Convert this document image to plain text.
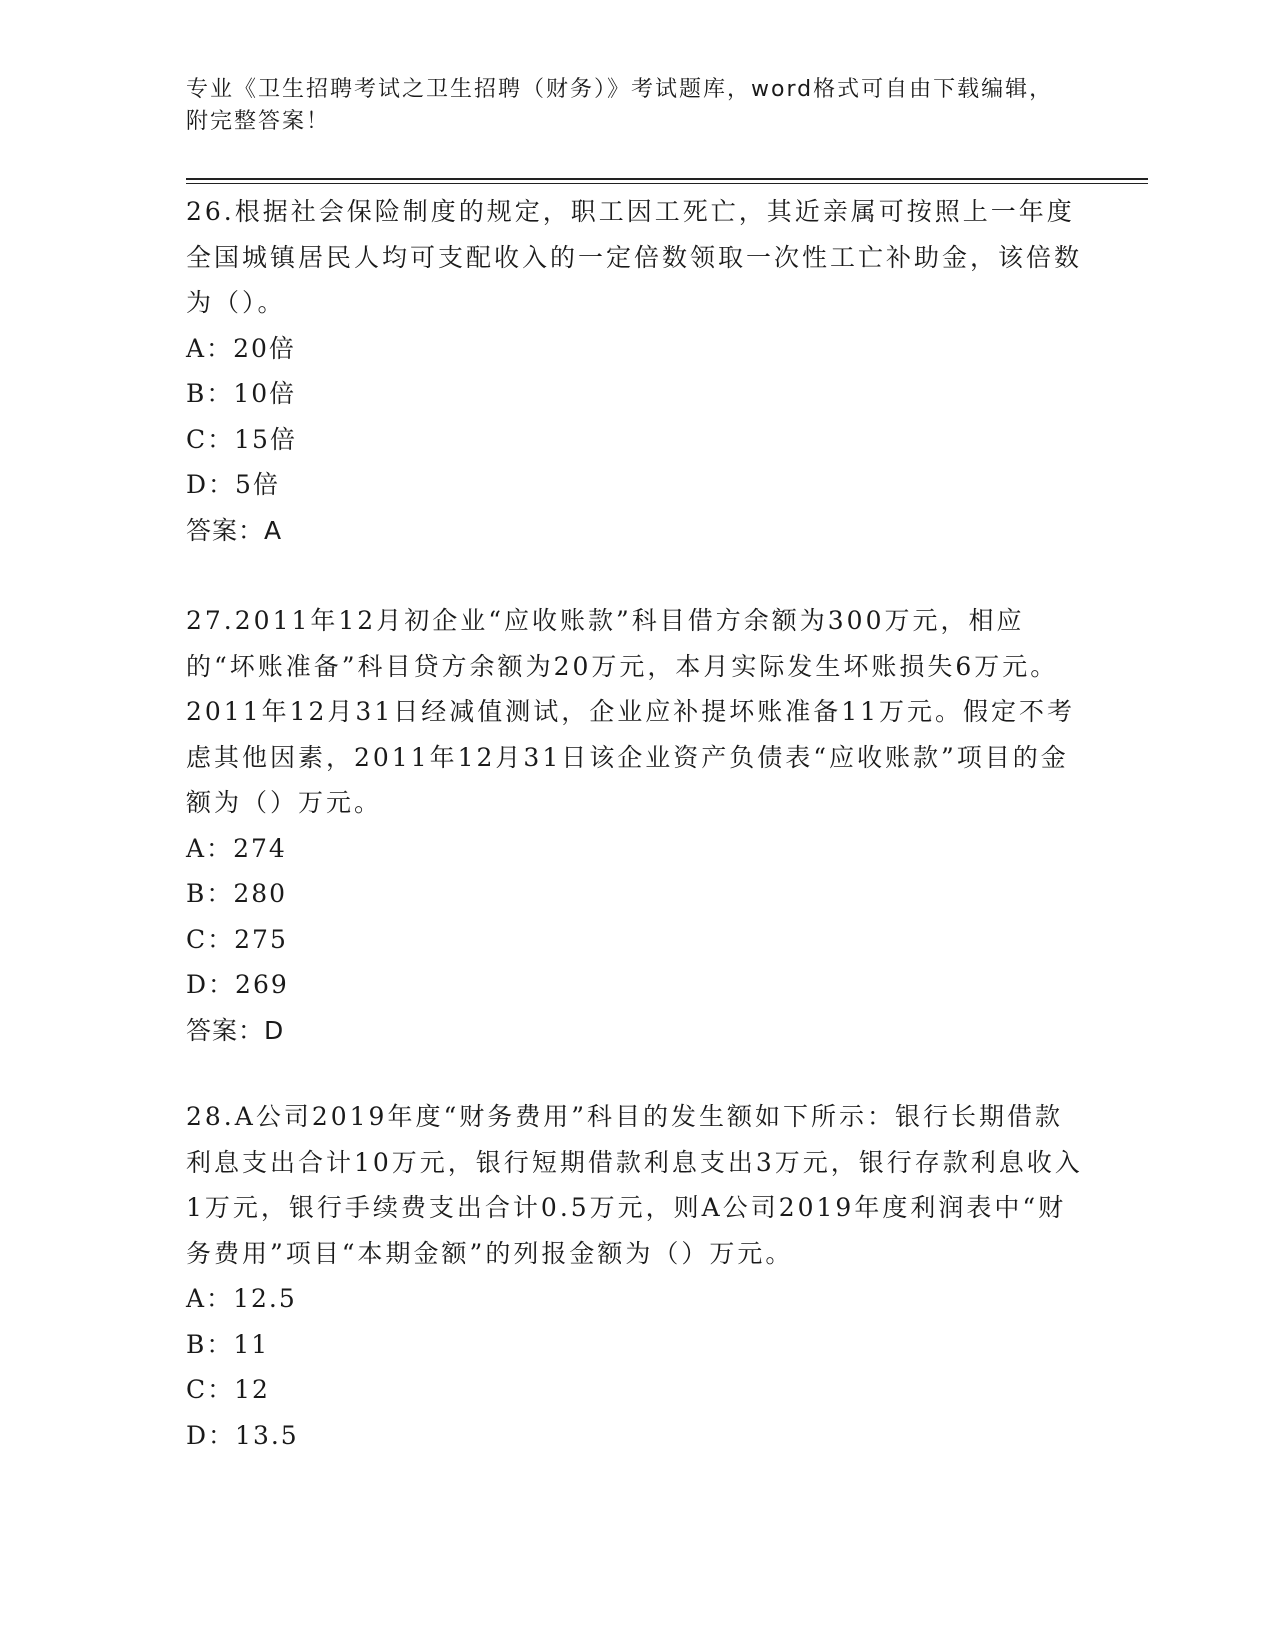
专业《卫生招聘考试之卫生招聘（财务）》考试题库，word格式可自由下载编辑，附完整答案！

26.根据社会保险制度的规定，职工因工死亡，其近亲属可按照上一年度全国城镇居民人均可支配收入的一定倍数领取一次性工亡补助金，该倍数为（）。

A：20倍

B：10倍

C：15倍

D：5倍

答案：A

27.2011年12月初企业“应收账款”科目借方余额为300万元，相应的“坏账准备”科目贷方余额为20万元，本月实际发生坏账损失6万元。2011年12月31日经减值测试，企业应补提坏账准备11万元。假定不考虑其他因素，2011年12月31日该企业资产负债表“应收账款”项目的金额为（）万元。

A：274

B：280

C：275

D：269

答案：D

28.A公司2019年度“财务费用”科目的发生额如下所示：银行长期借款利息支出合计10万元，银行短期借款利息支出3万元，银行存款利息收入1万元，银行手续费支出合计0.5万元，则A公司2019年度利润表中“财务费用”项目“本期金额”的列报金额为（）万元。

A：12.5

B：11

C：12

D：13.5
